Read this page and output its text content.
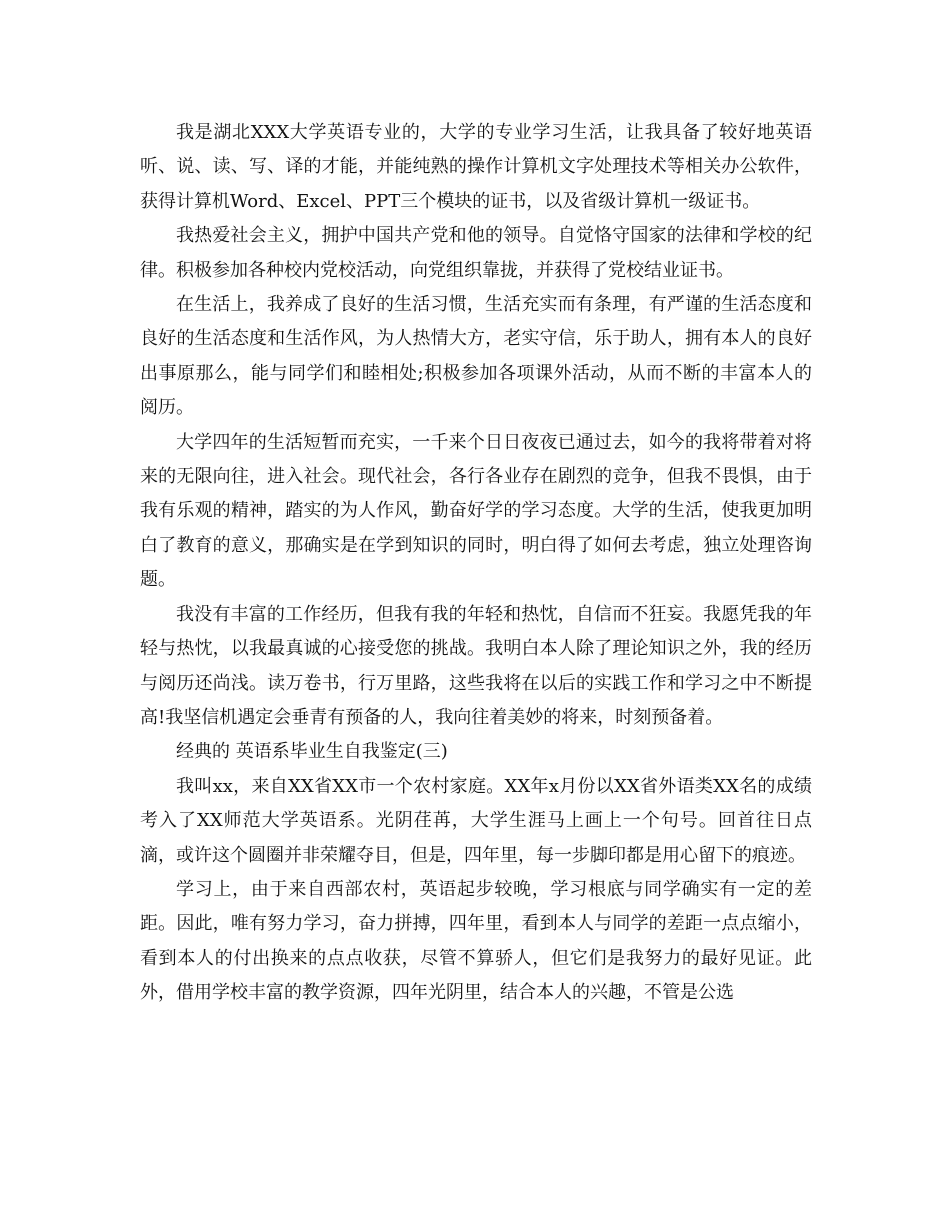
我是湖北XXX大学英语专业的，大学的专业学习生活，让我具备了较好地英语听、说、读、写、译的才能，并能纯熟的操作计算机文字处理技术等相关办公软件，获得计算机Word、Excel、PPT三个模块的证书，以及省级计算机一级证书。

我热爱社会主义，拥护中国共产党和他的领导。自觉恪守国家的法律和学校的纪律。积极参加各种校内党校活动，向党组织靠拢，并获得了党校结业证书。

在生活上，我养成了良好的生活习惯，生活充实而有条理，有严谨的生活态度和良好的生活态度和生活作风，为人热情大方，老实守信，乐于助人，拥有本人的良好出事原那么，能与同学们和睦相处;积极参加各项课外活动，从而不断的丰富本人的阅历。

大学四年的生活短暂而充实，一千来个日日夜夜已通过去，如今的我将带着对将来的无限向往，进入社会。现代社会，各行各业存在剧烈的竞争，但我不畏惧，由于我有乐观的精神，踏实的为人作风，勤奋好学的学习态度。大学的生活，使我更加明白了教育的意义，那确实是在学到知识的同时，明白得了如何去考虑，独立处理咨询题。

我没有丰富的工作经历，但我有我的年轻和热忱，自信而不狂妄。我愿凭我的年轻与热忱，以我最真诚的心接受您的挑战。我明白本人除了理论知识之外，我的经历与阅历还尚浅。读万卷书，行万里路，这些我将在以后的实践工作和学习之中不断提高!我坚信机遇定会垂青有预备的人，我向往着美妙的将来，时刻预备着。

经典的 英语系毕业生自我鉴定(三)

我叫xx，来自XX省XX市一个农村家庭。XX年x月份以XX省外语类XX名的成绩考入了XX师范大学英语系。光阴荏苒，大学生涯马上画上一个句号。回首往日点滴，或许这个圆圈并非荣耀夺目，但是，四年里，每一步脚印都是用心留下的痕迹。

学习上，由于来自西部农村，英语起步较晚，学习根底与同学确实有一定的差距。因此，唯有努力学习，奋力拼搏，四年里，看到本人与同学的差距一点点缩小，看到本人的付出换来的点点收获，尽管不算骄人，但它们是我努力的最好见证。此外，借用学校丰富的教学资源，四年光阴里，结合本人的兴趣，不管是公选
